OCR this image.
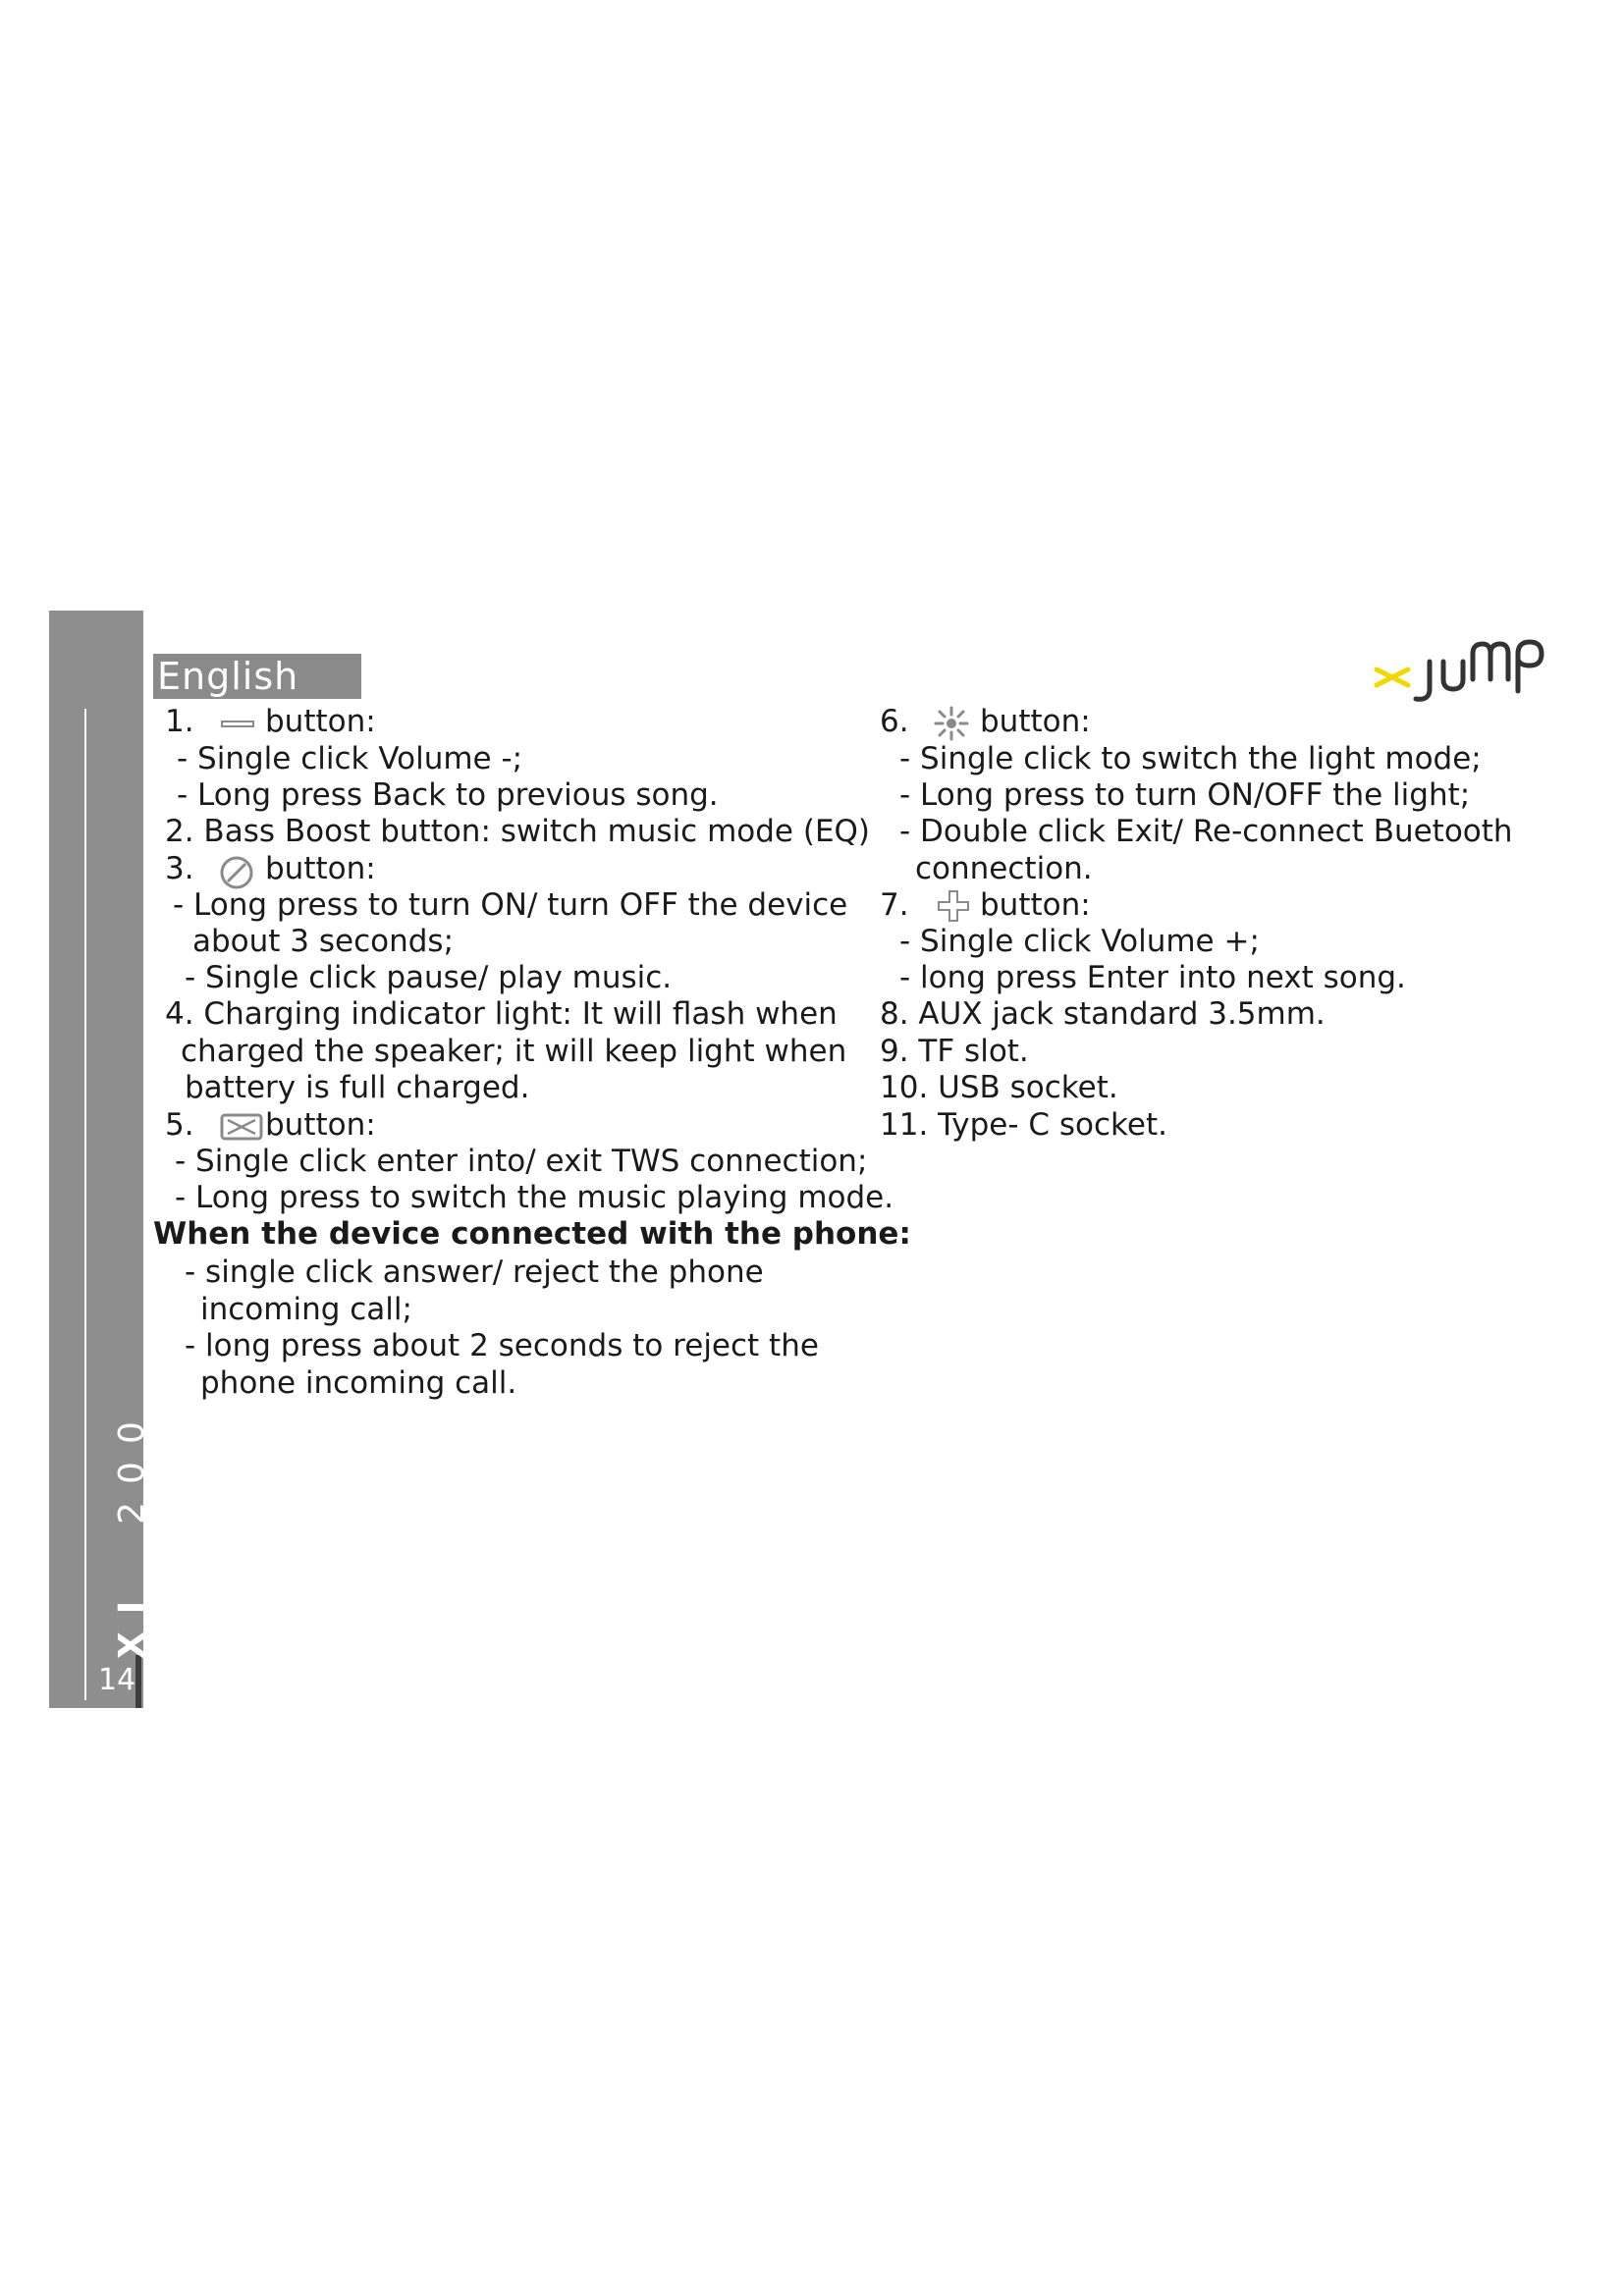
XJ200
14
English
1. button:
- Single click Volume -;
- Long press Back to previous song.
2. Bass Boost button: switch music mode (EQ)
3. button:
- Long press to turn ON/ turn OFF the device
about 3 seconds;
- Single click pause/ play music.
4. Charging indicator light: It will flash when
charged the speaker; it will keep light when
battery is full charged.
5. button:
- Single click enter into/ exit TWS connection;
- Long press to switch the music playing mode.
When the device connected with the phone:
- single click answer/ reject the phone
incoming call;
- long press about 2 seconds to reject the
phone incoming call.
6. button:
- Single click to switch the light mode;
- Long press to turn ON/OFF the light;
- Double click Exit/ Re-connect Buetooth
connection.
7. button:
- Single click Volume +;
- long press Enter into next song.
8. AUX jack standard 3.5mm.
9. TF slot.
10. USB socket.
11. Type- C socket.
